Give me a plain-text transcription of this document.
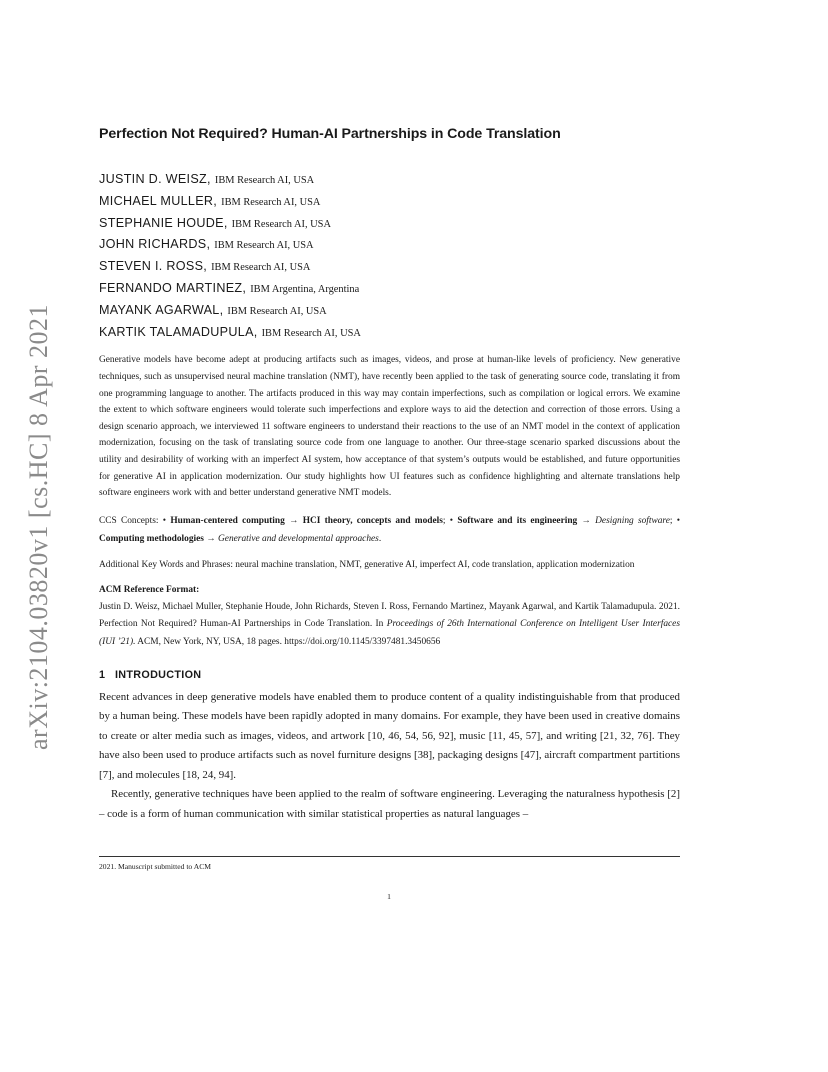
arXiv:2104.03820v1 [cs.HC] 8 Apr 2021
Perfection Not Required? Human-AI Partnerships in Code Translation
JUSTIN D. WEISZ, IBM Research AI, USA
MICHAEL MULLER, IBM Research AI, USA
STEPHANIE HOUDE, IBM Research AI, USA
JOHN RICHARDS, IBM Research AI, USA
STEVEN I. ROSS, IBM Research AI, USA
FERNANDO MARTINEZ, IBM Argentina, Argentina
MAYANK AGARWAL, IBM Research AI, USA
KARTIK TALAMADUPULA, IBM Research AI, USA

Generative models have become adept at producing artifacts such as images, videos, and prose at human-like levels of proficiency. New generative techniques, such as unsupervised neural machine translation (NMT), have recently been applied to the task of generating source code, translating it from one programming language to another. The artifacts produced in this way may contain imperfections, such as compilation or logical errors. We examine the extent to which software engineers would tolerate such imperfections and explore ways to aid the detection and correction of those errors. Using a design scenario approach, we interviewed 11 software engineers to understand their reactions to the use of an NMT model in the context of application modernization, focusing on the task of translating source code from one language to another. Our three-stage scenario sparked discussions about the utility and desirability of working with an imperfect AI system, how acceptance of that system’s outputs would be established, and future opportunities for generative AI in application modernization. Our study highlights how UI features such as confidence highlighting and alternate translations help software engineers work with and better understand generative NMT models.

CCS Concepts: • Human-centered computing → HCI theory, concepts and models; • Software and its engineering → Designing software; • Computing methodologies → Generative and developmental approaches.

Additional Key Words and Phrases: neural machine translation, NMT, generative AI, imperfect AI, code translation, application modernization

ACM Reference Format:

Justin D. Weisz, Michael Muller, Stephanie Houde, John Richards, Steven I. Ross, Fernando Martinez, Mayank Agarwal, and Kartik Talamadupula. 2021. Perfection Not Required? Human-AI Partnerships in Code Translation. In Proceedings of 26th International Conference on Intelligent User Interfaces (IUI ’21). ACM, New York, NY, USA, 18 pages. https://doi.org/10.1145/3397481.3450656

1 INTRODUCTION

Recent advances in deep generative models have enabled them to produce content of a quality indistinguishable from that produced by a human being. These models have been rapidly adopted in many domains. For example, they have been used in creative domains to create or alter media such as images, videos, and artwork [10, 46, 54, 56, 92], music [11, 45, 57], and writing [21, 32, 76]. They have also been used to produce artifacts such as novel furniture designs [38], packaging designs [47], aircraft compartment partitions [7], and molecules [18, 24, 94].

Recently, generative techniques have been applied to the realm of software engineering. Leveraging the naturalness hypothesis [2] – code is a form of human communication with similar statistical properties as natural languages –

2021. Manuscript submitted to ACM
1
